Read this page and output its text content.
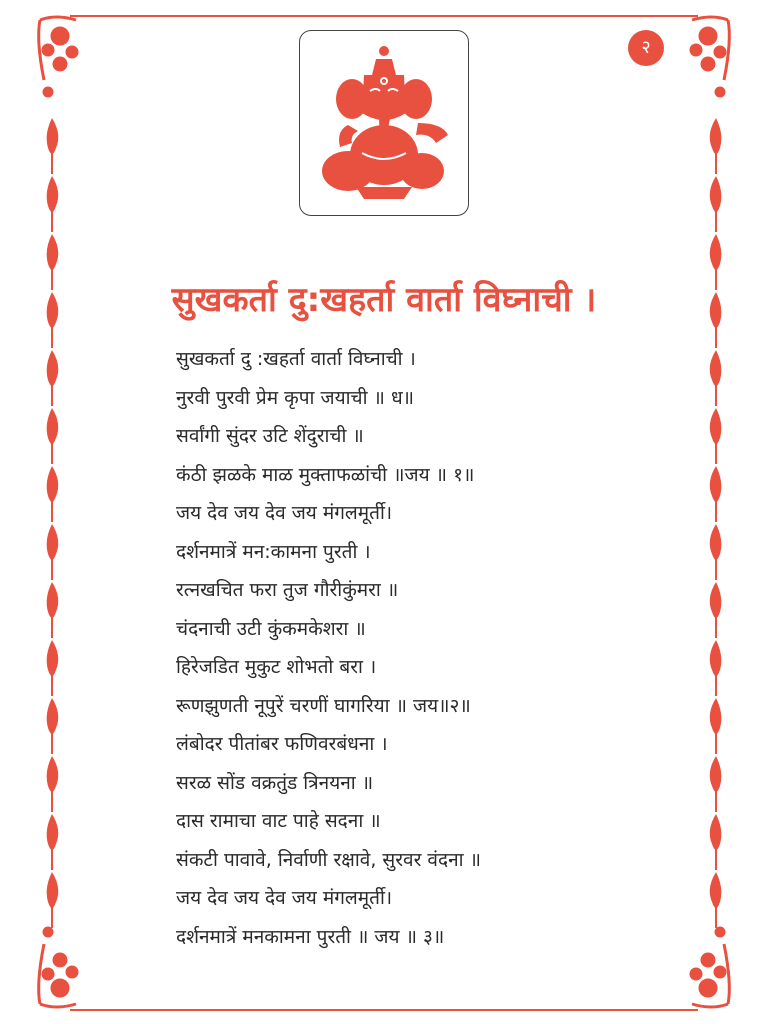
२
सुखकर्ता दु:खहर्ता वार्ता विघ्नाची ।
सुखकर्ता दु :खहर्ता वार्ता विघ्नाची ।
नुरवी पुरवी प्रेम कृपा जयाची ॥ ध॥
सर्वांगी सुंदर उटि शेंदुराची ॥
कंठी झळके माळ मुक्ताफळांची ॥जय ॥ १॥
जय देव जय देव जय मंगलमूर्ती।
दर्शनमात्रें मन:कामना पुरती ।
रत्नखचित फरा तुज गौरीकुंमरा ॥
चंदनाची उटी कुंकमकेशरा ॥
हिरेजडित मुकुट शोभतो बरा ।
रूणझुणती नूपुरें चरणीं घागरिया ॥ जय॥२॥
लंबोदर पीतांबर फणिवरबंधना ।
सरळ सोंड वक्रतुंड त्रिनयना ॥
दास रामाचा वाट पाहे सदना ॥
संकटी पावावे, निर्वाणी रक्षावे, सुरवर वंदना ॥
जय देव जय देव जय मंगलमूर्ती।
दर्शनमात्रें मनकामना पुरती ॥ जय ॥ ३॥
